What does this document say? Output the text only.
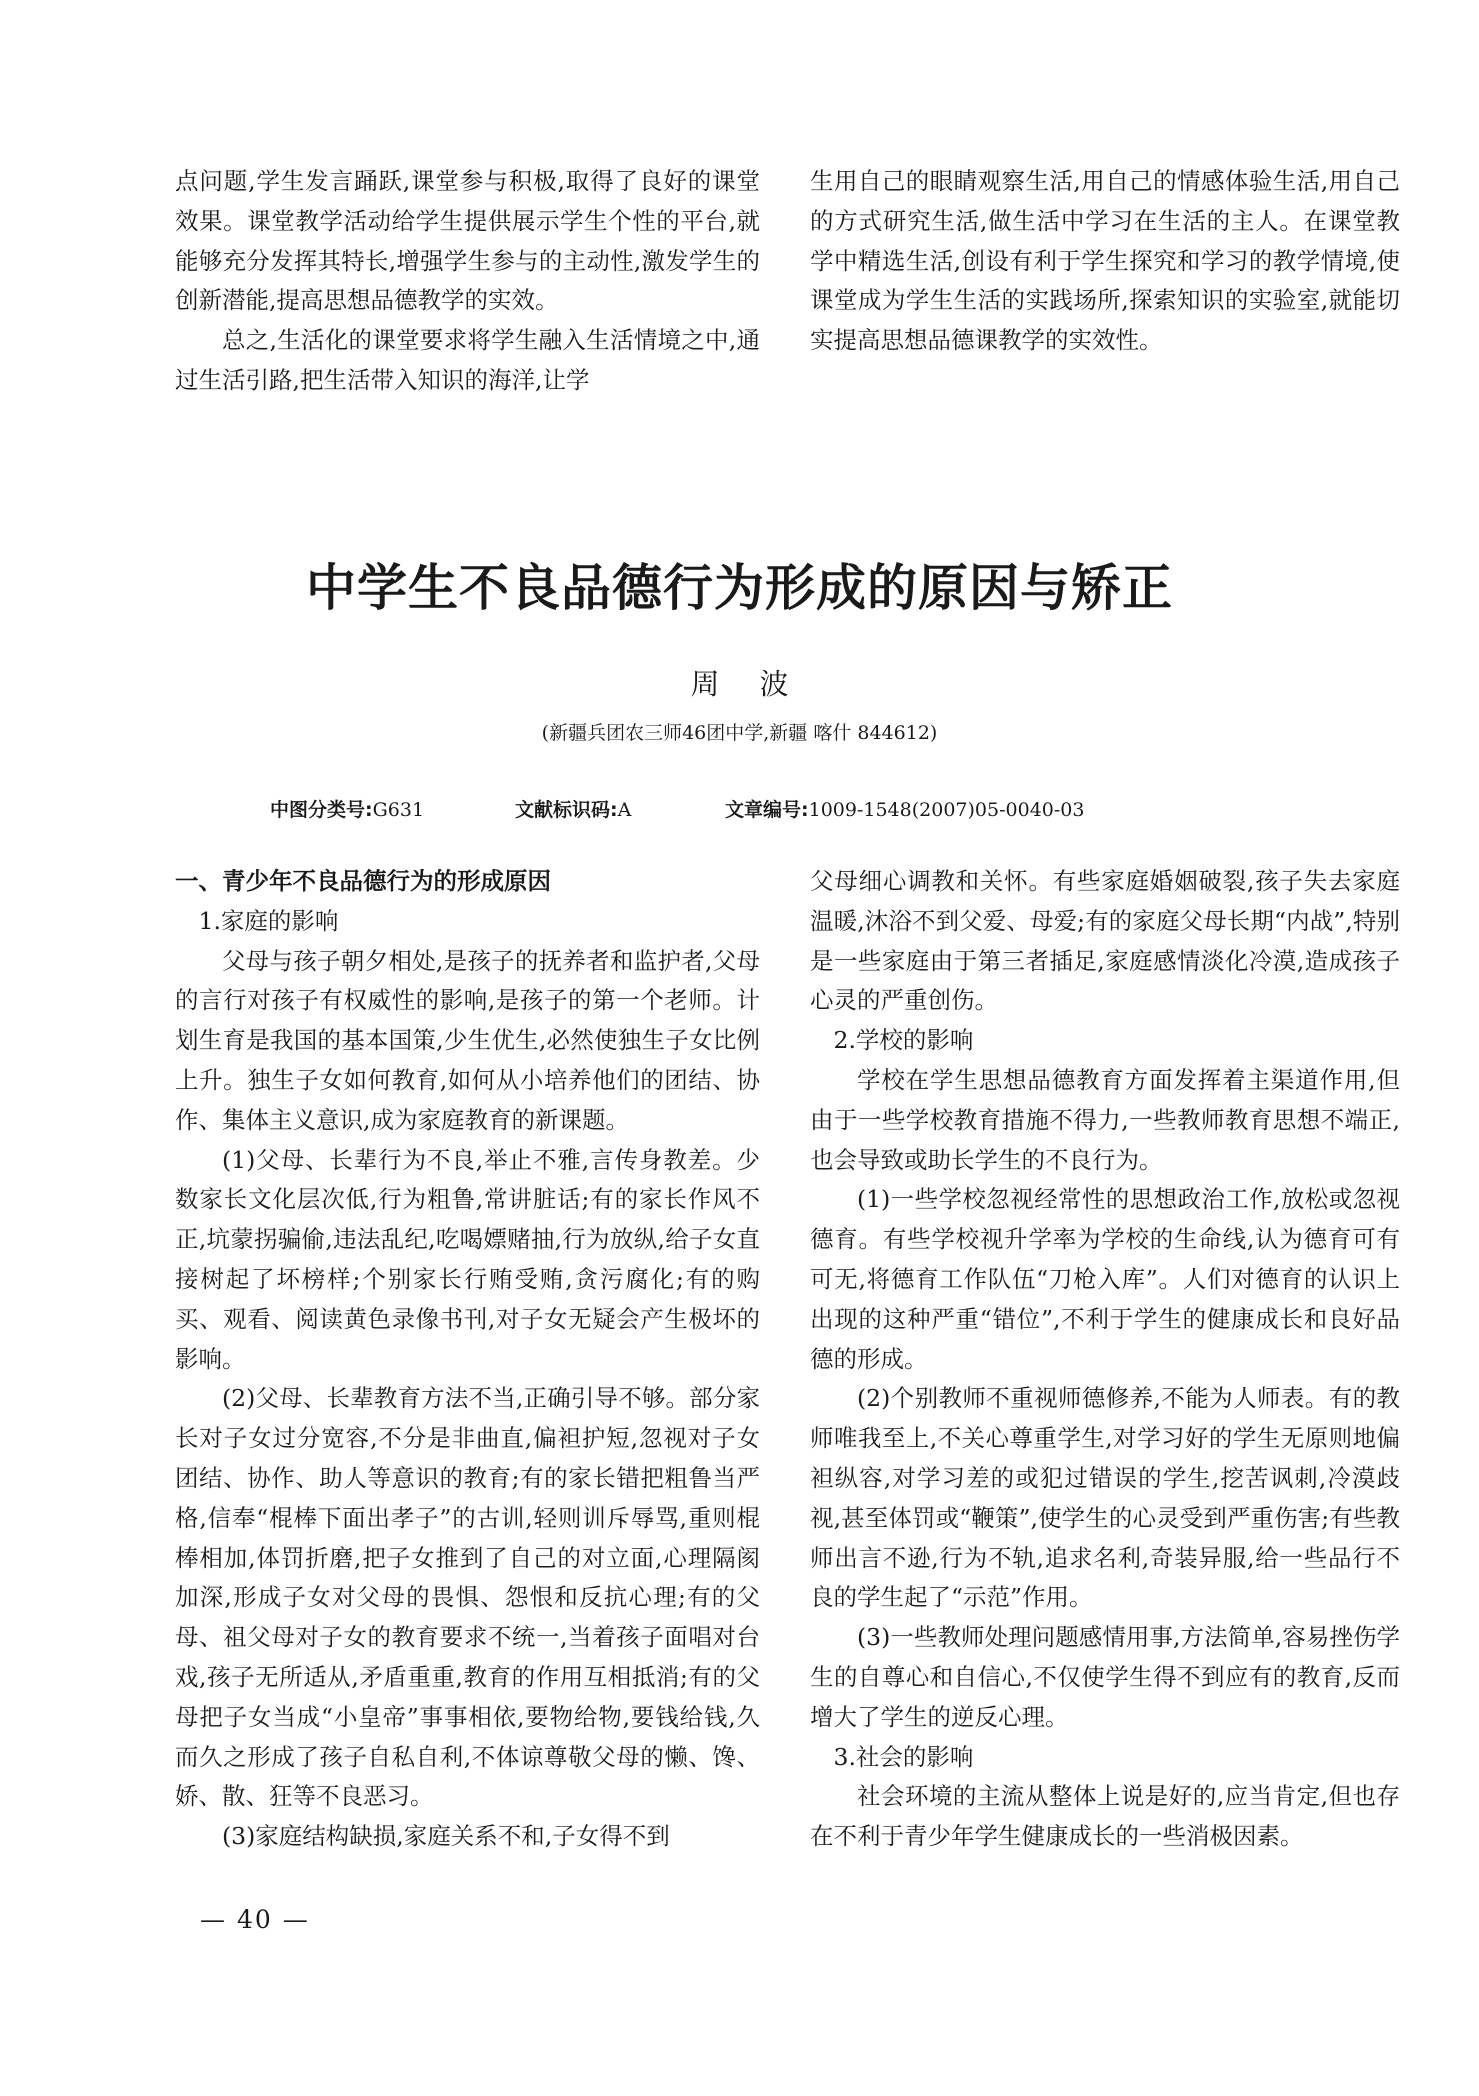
点问题,学生发言踊跃,课堂参与积极,取得了良好的课堂效果。课堂教学活动给学生提供展示学生个性的平台,就能够充分发挥其特长,增强学生参与的主动性,激发学生的创新潜能,提高思想品德教学的实效。

总之,生活化的课堂要求将学生融入生活情境之中,通过生活引路,把生活带入知识的海洋,让学

生用自己的眼睛观察生活,用自己的情感体验生活,用自己的方式研究生活,做生活中学习在生活的主人。在课堂教学中精选生活,创设有利于学生探究和学习的教学情境,使课堂成为学生生活的实践场所,探索知识的实验室,就能切实提高思想品德课教学的实效性。

中学生不良品德行为形成的原因与矫正
周波
(新疆兵团农三师46团中学,新疆 喀什 844612)
中图分类号:G631	文献标识码:A	文章编号:1009-1548(2007)05-0040-03

一、青少年不良品德行为的形成原因

1.家庭的影响

父母与孩子朝夕相处,是孩子的抚养者和监护者,父母的言行对孩子有权威性的影响,是孩子的第一个老师。计划生育是我国的基本国策,少生优生,必然使独生子女比例上升。独生子女如何教育,如何从小培养他们的团结、协作、集体主义意识,成为家庭教育的新课题。

(1)父母、长辈行为不良,举止不雅,言传身教差。少数家长文化层次低,行为粗鲁,常讲脏话;有的家长作风不正,坑蒙拐骗偷,违法乱纪,吃喝嫖赌抽,行为放纵,给子女直接树起了坏榜样;个别家长行贿受贿,贪污腐化;有的购买、观看、阅读黄色录像书刊,对子女无疑会产生极坏的影响。

(2)父母、长辈教育方法不当,正确引导不够。部分家长对子女过分宽容,不分是非曲直,偏袒护短,忽视对子女团结、协作、助人等意识的教育;有的家长错把粗鲁当严格,信奉“棍棒下面出孝子”的古训,轻则训斥辱骂,重则棍棒相加,体罚折磨,把子女推到了自己的对立面,心理隔阂加深,形成子女对父母的畏惧、怨恨和反抗心理;有的父母、祖父母对子女的教育要求不统一,当着孩子面唱对台戏,孩子无所适从,矛盾重重,教育的作用互相抵消;有的父母把子女当成“小皇帝”事事相依,要物给物,要钱给钱,久而久之形成了孩子自私自利,不体谅尊敬父母的懒、馋、娇、散、狂等不良恶习。

(3)家庭结构缺损,家庭关系不和,子女得不到

父母细心调教和关怀。有些家庭婚姻破裂,孩子失去家庭温暖,沐浴不到父爱、母爱;有的家庭父母长期“内战”,特别是一些家庭由于第三者插足,家庭感情淡化冷漠,造成孩子心灵的严重创伤。

2.学校的影响

学校在学生思想品德教育方面发挥着主渠道作用,但由于一些学校教育措施不得力,一些教师教育思想不端正,也会导致或助长学生的不良行为。

(1)一些学校忽视经常性的思想政治工作,放松或忽视德育。有些学校视升学率为学校的生命线,认为德育可有可无,将德育工作队伍“刀枪入库”。人们对德育的认识上出现的这种严重“错位”,不利于学生的健康成长和良好品德的形成。

(2)个别教师不重视师德修养,不能为人师表。有的教师唯我至上,不关心尊重学生,对学习好的学生无原则地偏袒纵容,对学习差的或犯过错误的学生,挖苦讽刺,冷漠歧视,甚至体罚或“鞭策”,使学生的心灵受到严重伤害;有些教师出言不逊,行为不轨,追求名利,奇装异服,给一些品行不良的学生起了“示范”作用。

(3)一些教师处理问题感情用事,方法简单,容易挫伤学生的自尊心和自信心,不仅使学生得不到应有的教育,反而增大了学生的逆反心理。

3.社会的影响

社会环境的主流从整体上说是好的,应当肯定,但也存在不利于青少年学生健康成长的一些消极因素。

— 40 —
